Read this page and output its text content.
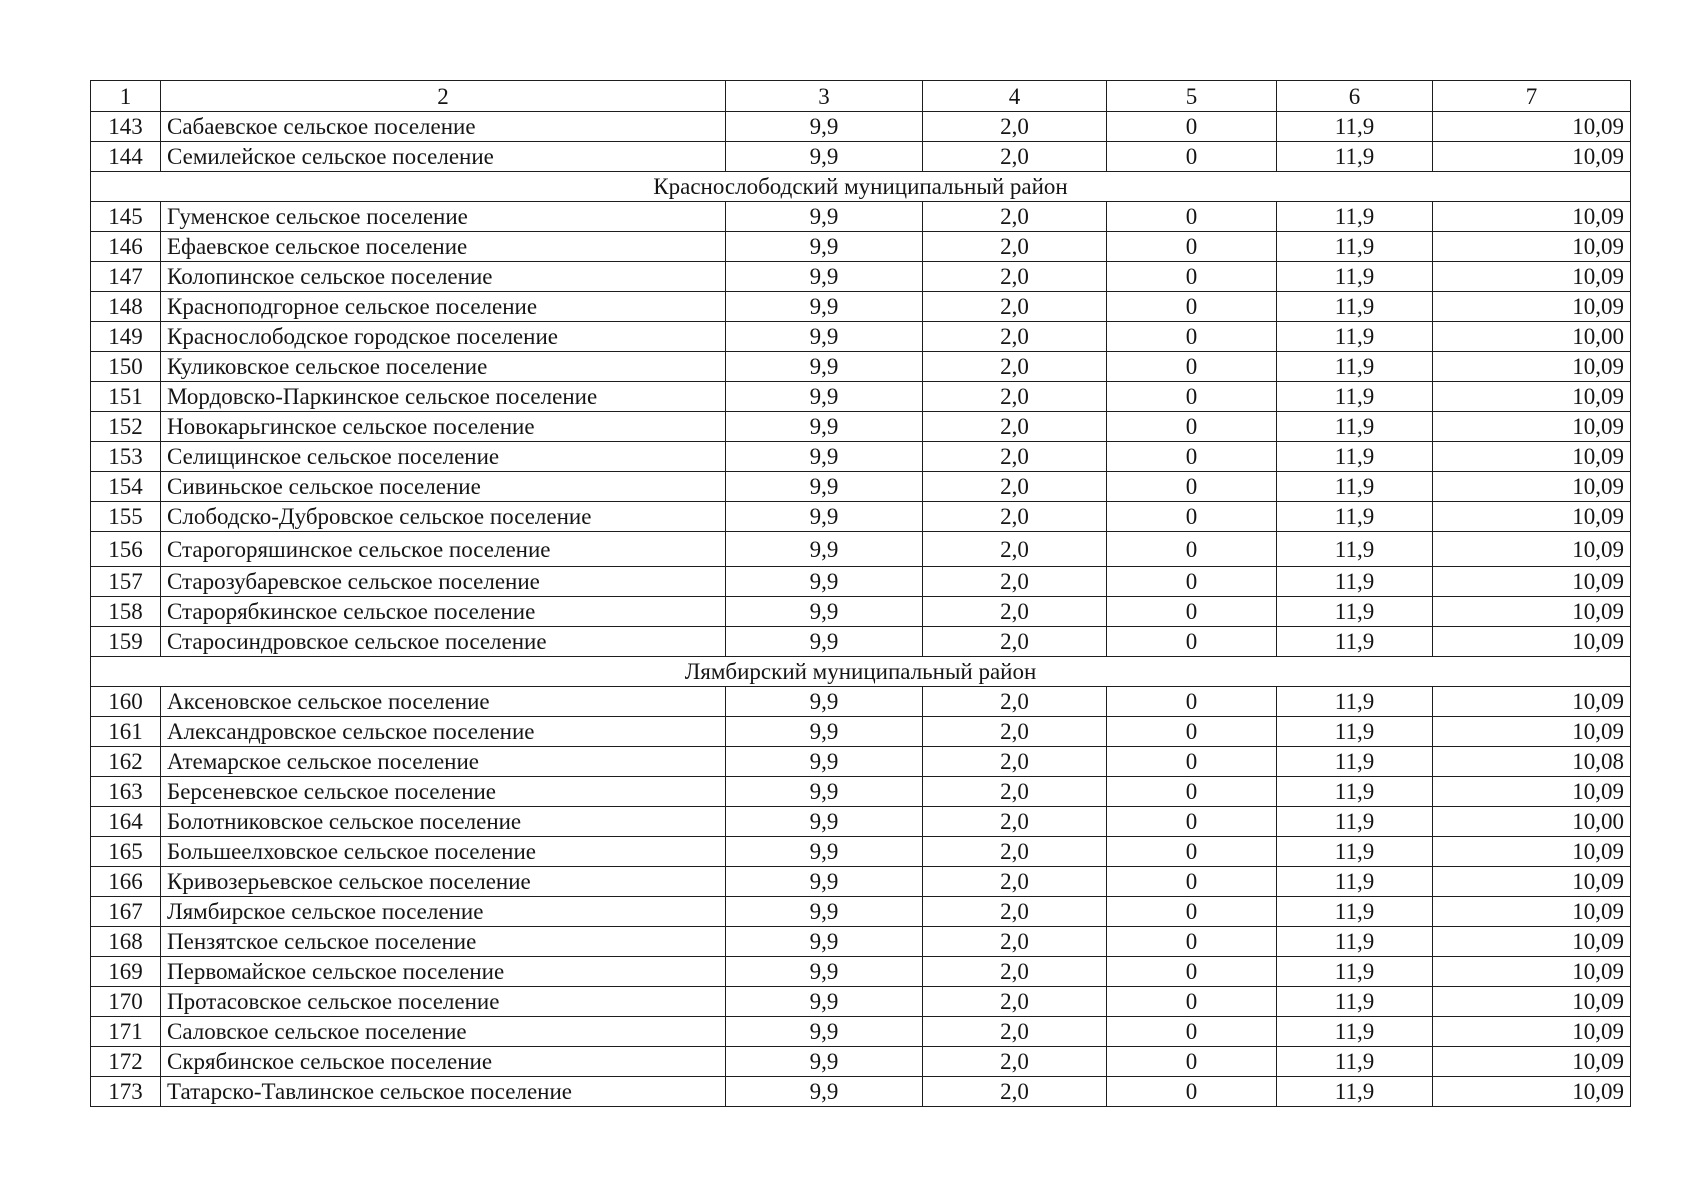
1	2	3	4	5	6	7
143	Сабаевское сельское поселение	9,9	2,0	0	11,9	10,09
144	Семилейское сельское поселение	9,9	2,0	0	11,9	10,09
Краснослободский муниципальный район						
145	Гуменское сельское поселение	9,9	2,0	0	11,9	10,09
146	Ефаевское сельское поселение	9,9	2,0	0	11,9	10,09
147	Колопинское сельское поселение	9,9	2,0	0	11,9	10,09
148	Красноподгорное сельское поселение	9,9	2,0	0	11,9	10,09
149	Краснослободское городское поселение	9,9	2,0	0	11,9	10,00
150	Куликовское сельское поселение	9,9	2,0	0	11,9	10,09
151	Мордовско-Паркинское сельское поселение	9,9	2,0	0	11,9	10,09
152	Новокарьгинское сельское поселение	9,9	2,0	0	11,9	10,09
153	Селищинское сельское поселение	9,9	2,0	0	11,9	10,09
154	Сивиньское сельское поселение	9,9	2,0	0	11,9	10,09
155	Слободско-Дубровское сельское поселение	9,9	2,0	0	11,9	10,09
156	Старогоряшинское сельское поселение	9,9	2,0	0	11,9	10,09
157	Старозубаревское сельское поселение	9,9	2,0	0	11,9	10,09
158	Старорябкинское сельское поселение	9,9	2,0	0	11,9	10,09
159	Старосиндровское сельское поселение	9,9	2,0	0	11,9	10,09
Лямбирский муниципальный район						
160	Аксеновское сельское поселение	9,9	2,0	0	11,9	10,09
161	Александровское сельское поселение	9,9	2,0	0	11,9	10,09
162	Атемарское сельское поселение	9,9	2,0	0	11,9	10,08
163	Берсеневское сельское поселение	9,9	2,0	0	11,9	10,09
164	Болотниковское сельское поселение	9,9	2,0	0	11,9	10,00
165	Большеелховское сельское поселение	9,9	2,0	0	11,9	10,09
166	Кривозерьевское сельское поселение	9,9	2,0	0	11,9	10,09
167	Лямбирское сельское поселение	9,9	2,0	0	11,9	10,09
168	Пензятское сельское поселение	9,9	2,0	0	11,9	10,09
169	Первомайское сельское поселение	9,9	2,0	0	11,9	10,09
170	Протасовское сельское поселение	9,9	2,0	0	11,9	10,09
171	Саловское сельское поселение	9,9	2,0	0	11,9	10,09
172	Скрябинское сельское поселение	9,9	2,0	0	11,9	10,09
173	Татарско-Тавлинское сельское поселение	9,9	2,0	0	11,9	10,09
